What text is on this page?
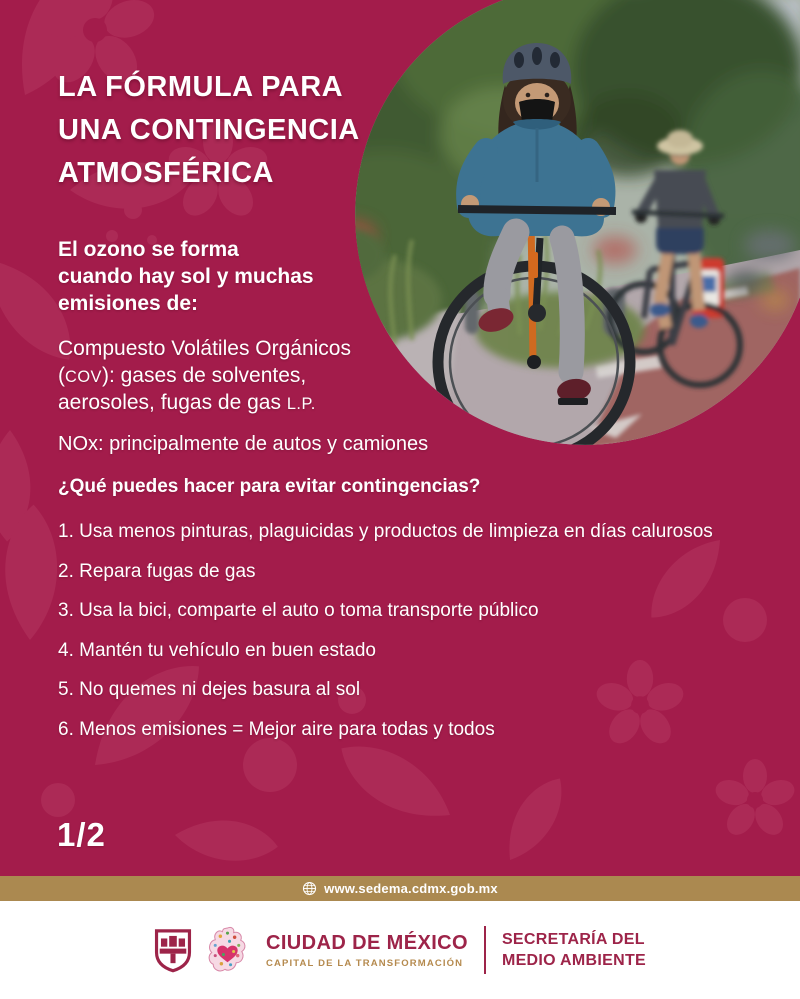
LA FÓRMULA PARA
UNA CONTINGENCIA
ATMOSFÉRICA
El ozono se forma
cuando hay sol y muchas
emisiones de:
Compuesto Volátiles Orgánicos
(COV): gases de solventes,
aerosoles, fugas de gas L.P.
NOx: principalmente de autos y camiones
¿Qué puedes hacer para evitar contingencias?
1. Usa menos pinturas, plaguicidas y productos de limpieza en días calurosos
2. Repara fugas de gas
3. Usa la bici, comparte el auto o toma transporte público
4. Mantén tu vehículo en buen estado
5. No quemes ni dejes basura al sol
6. Menos emisiones = Mejor aire para todas y todos
1/2
www.sedema.cdmx.gob.mx
CIUDAD DE MÉXICO
CAPITAL DE LA TRANSFORMACIÓN
SECRETARÍA DEL
MEDIO AMBIENTE
